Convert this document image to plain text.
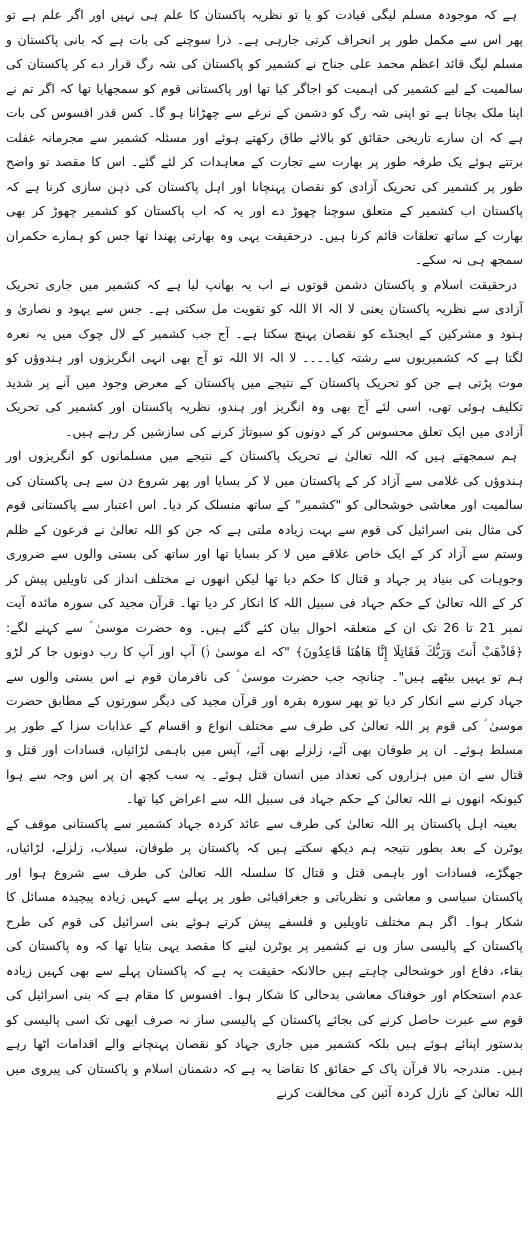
ہے کہ موجودہ مسلم لیگی قیادت کو یا تو نظریہ پاکستان کا علم ہی نہیں اور اگر علم ہے تو پھر اس سے مکمل طور پر انحراف کرتی جارہی ہے۔ ذرا سوچنے کی بات ہے کہ بانی پاکستان و مسلم لیگ قائد اعظم محمد علی جناح نے کشمیر کو پاکستان کی شہ رگ قرار دے کر پاکستان کی سالمیت کے لیے کشمیر کی اہمیت کو اجاگر کیا تھا اور پاکستانی قوم کو سمجھایا تھا کہ اگر تم نے اپنا ملک بچانا ہے تو اپنی شہ رگ کو دشمن کے نرغے سے چھڑانا ہو گا۔ کس قدر افسوس کی بات ہے کہ ان سارے تاریخی حقائق کو بالائے طاق رکھتے ہوئے اور مسئلہ کشمیر سے مجرمانہ غفلت برتتے ہوئے یک طرفہ طور پر بھارت سے تجارت کے معاہدات کر لئے گئے۔ اس کا مقصد تو واضح طور پر کشمیر کی تحریک آزادی کو نقصان پہنچانا اور اہل پاکستان کی ذہن سازی کرنا ہے کہ پاکستان اب کشمیر کے متعلق سوچنا چھوڑ دے اور یہ کہ اب پاکستان کو کشمیر چھوڑ کر بھی بھارت کے ساتھ تعلقات قائم کرنا ہیں۔ درحقیقت یہی وہ بھارتی پھندا تھا جس کو ہمارے حکمران سمجھ ہی نہ سکے۔

درحقیقت اسلام و پاکستان دشمن قوتوں نے اب یہ بھانپ لیا ہے کہ کشمیر میں جاری تحریک آزادی سے نظریہ پاکستان یعنی لا الہ الا اللہ کو تقویت مل سکتی ہے۔ جس سے یہود و نصاریٰ و ہنود و مشرکین کے ایجنڈے کو نقصان پہنچ سکتا ہے۔ آج جب کشمیر کے لال چوک میں یہ نعرہ لگتا ہے کہ کشمیریوں سے رشتہ کیا۔۔۔۔ لا الہ الا اللہ تو آج بھی انہی انگریزوں اور ہندوؤں کو موت پڑتی ہے جن کو تحریک پاکستان کے نتیجے میں پاکستان کے معرض وجود میں آنے پر شدید تکلیف ہوئی تھی، اسی لئے آج بھی وہ انگریز اور ہندو، نظریہ پاکستان اور کشمیر کی تحریک آزادی میں ایک تعلق محسوس کر کے دونوں کو سبوتاژ کرنے کی سازشیں کر رہے ہیں۔

ہم سمجھتے ہیں کہ اللہ تعالیٰ نے تحریک پاکستان کے نتیجے میں مسلمانوں کو انگریزوں اور ہندوؤں کی غلامی سے آزاد کر کے پاکستان میں لا کر بسایا اور پھر شروع دن سے ہی پاکستان کی سالمیت اور معاشی خوشحالی کو "کشمیر" کے ساتھ منسلک کر دیا۔ اس اعتبار سے پاکستانی قوم کی مثال بنی اسرائیل کی قوم سے بہت زیادہ ملتی ہے کہ جن کو اللہ تعالیٰ نے فرعون کے ظلم وستم سے آزاد کر کے ایک خاص علاقے میں لا کر بسایا تھا اور ساتھ کی بستی والوں سے ضروری وجوہات کی بنیاد پر جہاد و قتال کا حکم دیا تھا لیکن انھوں نے مختلف انداز کی تاویلیں پیش کر کر کے اللہ تعالیٰ کے حکم جہاد فی سبیل اللہ کا انکار کر دیا تھا۔ قرآن مجید کی سورہ مائدہ آیت نمبر 21 تا 26 تک ان کے متعلقہ احوال بیان کئے گئے ہیں۔ وہ حضرت موسیٰ ؑ سے کہنے لگے: ﴿فَاذْهَبْ أَنتَ وَرَبُّكَ فَقَاتِلَا إِنَّا هَاهُنَا قَاعِدُونَ﴾ "کہ اے موسیٰ (ؑ) آپ اور آپ کا رب دونوں جا کر لڑو ہم تو یہیں بیٹھے ہیں"۔ چنانچہ جب حضرت موسیٰ ؑ کی نافرمان قوم نے اس بستی والوں سے جہاد کرنے سے انکار کر دیا تو پھر سورہ بقرہ اور قرآن مجید کی دیگر سورتوں کے مطابق حضرت موسیٰ ؑ کی قوم پر اللہ تعالیٰ کی طرف سے مختلف انواع و اقسام کے عذابات سزا کے طور پر مسلط ہوئے۔ ان پر طوفان بھی آئے، زلزلے بھی آئے، آپس میں باہمی لڑائیاں، فسادات اور قتل و قتال سے ان میں ہزاروں کی تعداد میں انسان قتل ہوئے۔ یہ سب کچھ ان پر اس وجہ سے ہوا کیونکہ انھوں نے اللہ تعالیٰ کے حکم جہاد فی سبیل اللہ سے اعراض کیا تھا۔

بعینہ اہل پاکستان پر اللہ تعالیٰ کی طرف سے عائد کردہ جہاد کشمیر سے پاکستانی موقف کے یوٹرن کے بعد بطور نتیجہ ہم دیکھ سکتے ہیں کہ پاکستان پر طوفان، سیلاب، زلزلے، لڑائیاں، جھگڑے، فسادات اور باہمی قتل و قتال کا سلسلہ اللہ تعالیٰ کی طرف سے شروع ہوا اور پاکستان سیاسی و معاشی و نظریاتی و جغرافیائی طور پر پہلے سے کہیں زیادہ پیچیدہ مسائل کا شکار ہوا۔ اگر ہم مختلف تاویلیں و فلسفے پیش کرتے ہوئے بنی اسرائیل کی قوم کی طرح پاکستان کے پالیسی ساز وں نے کشمیر پر یوٹرن لینے کا مقصد یہی بتایا تھا کہ وہ پاکستان کی بقاء، دفاع اور خوشحالی چاہتے ہیں حالانکہ حقیقت یہ ہے کہ پاکستان پہلے سے بھی کہیں زیادہ عدم استحکام اور خوفناک معاشی بدحالی کا شکار ہوا۔ افسوس کا مقام ہے کہ بنی اسرائیل کی قوم سے عبرت حاصل کرنے کی بجائے پاکستان کے پالیسی ساز نہ صرف ابھی تک اسی پالیسی کو بدستور اپنائے ہوئے ہیں بلکہ کشمیر میں جاری جہاد کو نقصان پہنچانے والے اقدامات اٹھا رہے ہیں۔ مندرجہ بالا قرآن پاک کے حقائق کا تقاضا یہ ہے کہ دشمنان اسلام و پاکستان کی پیروی میں اللہ تعالیٰ کے نازل کردہ آئین کی مخالفت کرنے
